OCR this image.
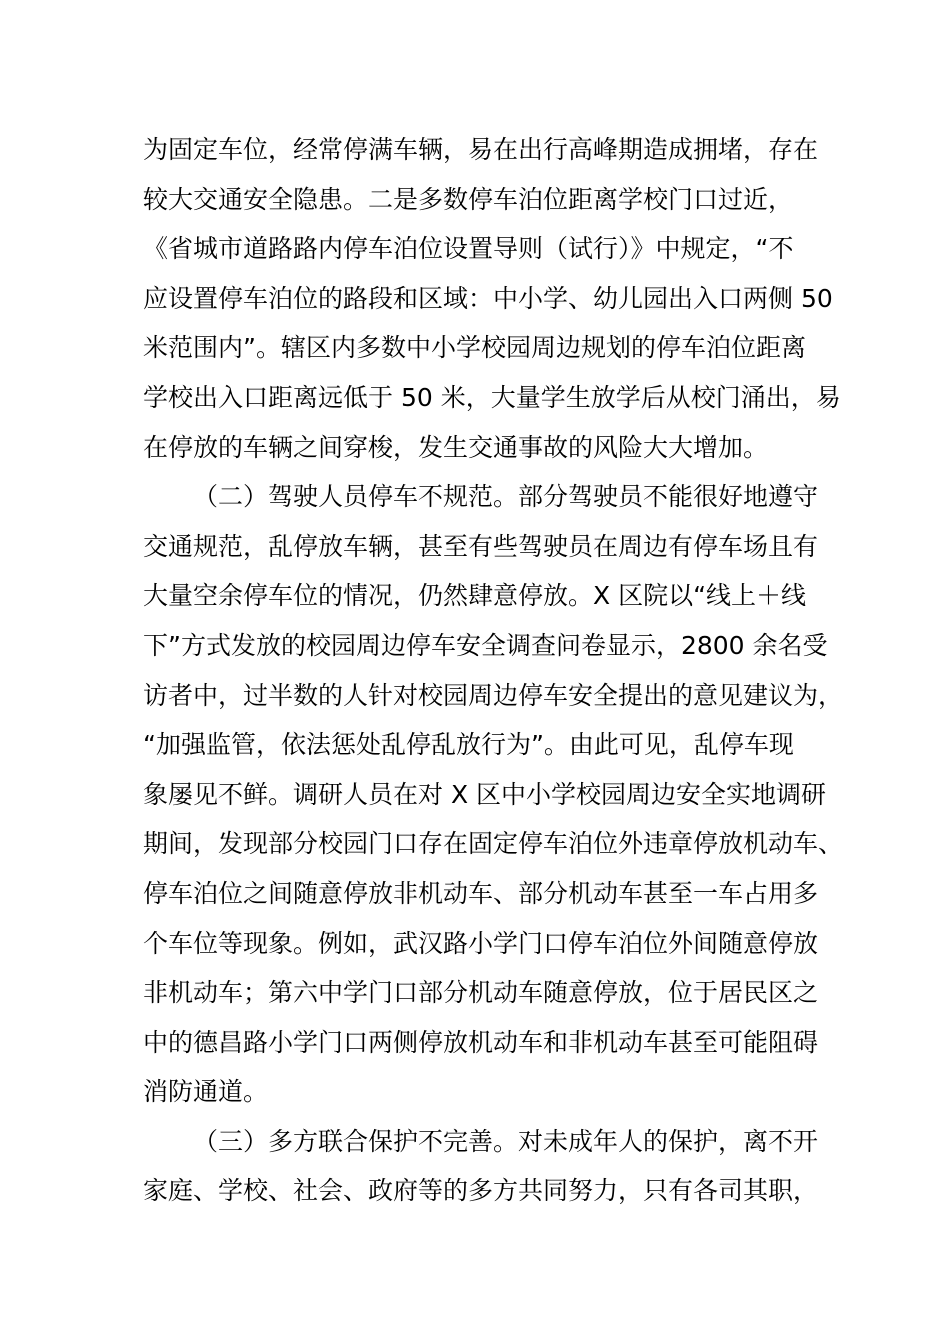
为固定车位，经常停满车辆，易在出行高峰期造成拥堵，存在
较大交通安全隐患。二是多数停车泊位距离学校门口过近，
《省城市道路路内停车泊位设置导则（试行）》中规定，“不
应设置停车泊位的路段和区域：中小学、幼儿园出入口两侧 50
米范围内”。辖区内多数中小学校园周边规划的停车泊位距离
学校出入口距离远低于 50 米，大量学生放学后从校门涌出，易
在停放的车辆之间穿梭，发生交通事故的风险大大增加。
（二）驾驶人员停车不规范。部分驾驶员不能很好地遵守
交通规范，乱停放车辆，甚至有些驾驶员在周边有停车场且有
大量空余停车位的情况，仍然肆意停放。X 区院以“线上＋线
下”方式发放的校园周边停车安全调查问卷显示，2800 余名受
访者中，过半数的人针对校园周边停车安全提出的意见建议为，
“加强监管，依法惩处乱停乱放行为”。由此可见，乱停车现
象屡见不鲜。调研人员在对 X 区中小学校园周边安全实地调研
期间，发现部分校园门口存在固定停车泊位外违章停放机动车、
停车泊位之间随意停放非机动车、部分机动车甚至一车占用多
个车位等现象。例如，武汉路小学门口停车泊位外间随意停放
非机动车；第六中学门口部分机动车随意停放，位于居民区之
中的德昌路小学门口两侧停放机动车和非机动车甚至可能阻碍
消防通道。
（三）多方联合保护不完善。对未成年人的保护，离不开
家庭、学校、社会、政府等的多方共同努力，只有各司其职，
